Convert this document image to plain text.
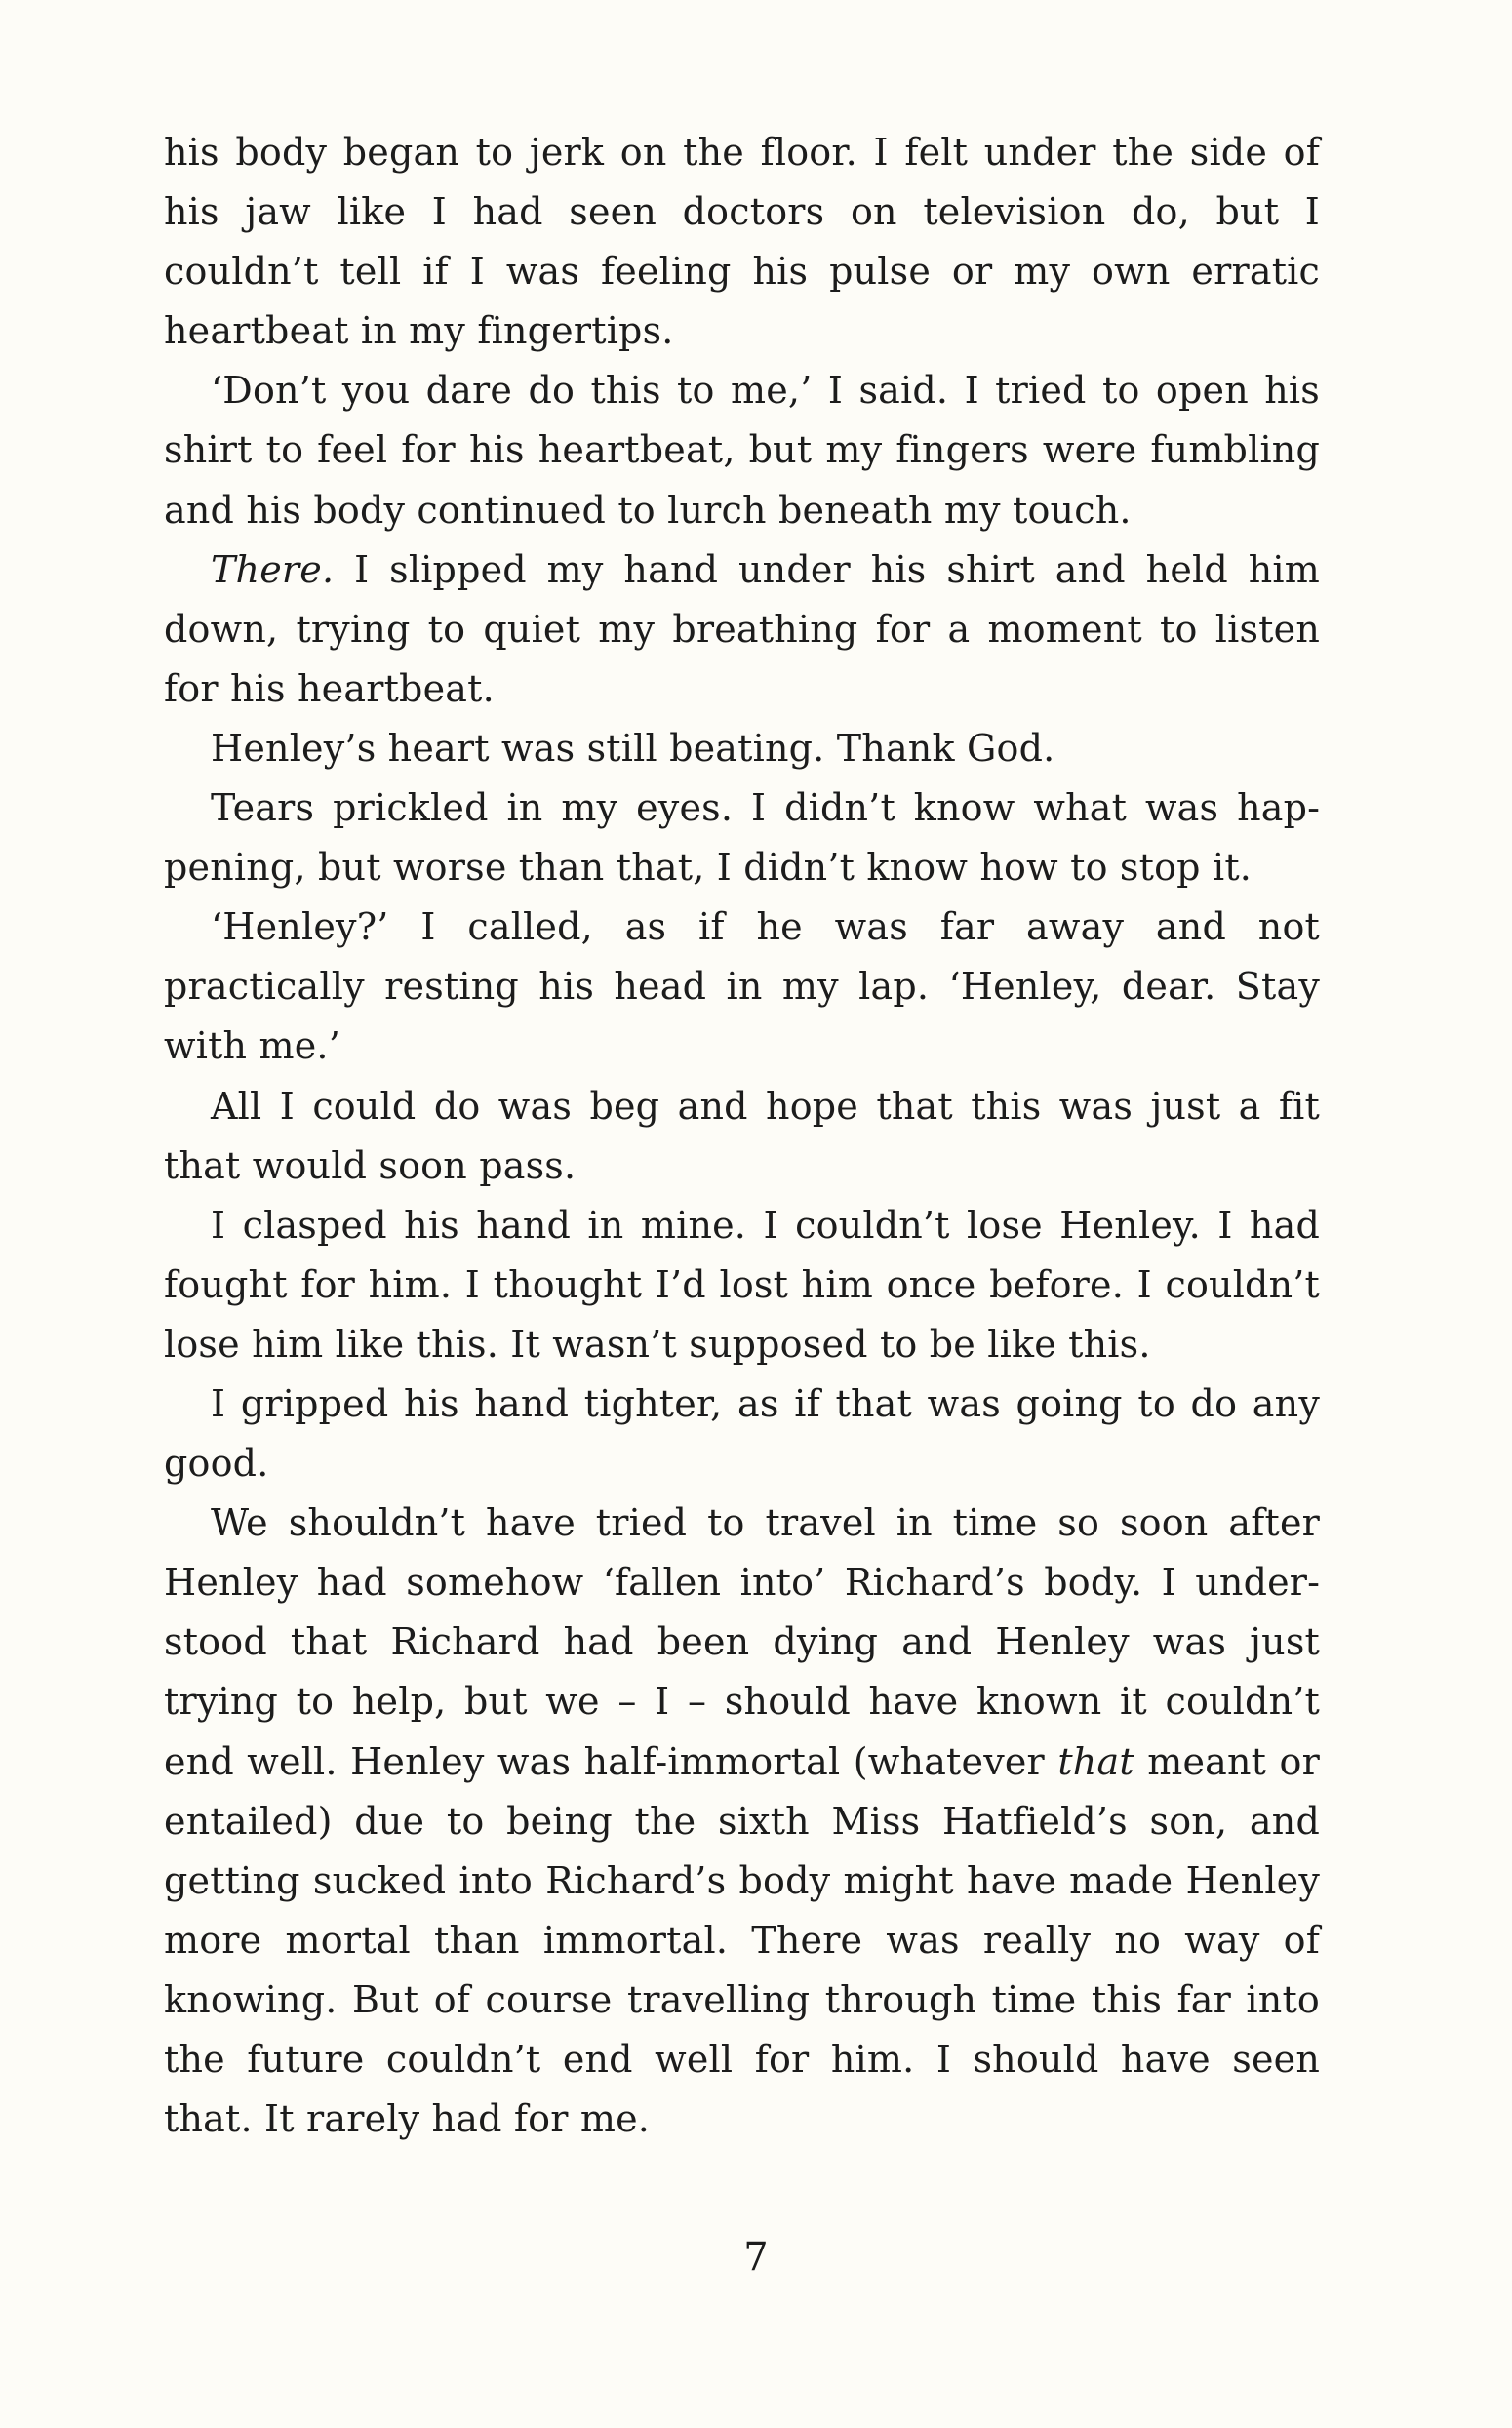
his body began to jerk on the floor. I felt under the side of his jaw like I had seen doctors on television do, but I couldn’t tell if I was feeling his pulse or my own erratic heartbeat in my fingertips.

‘Don’t you dare do this to me,’ I said. I tried to open his shirt to feel for his heartbeat, but my fingers were fumbling and his body continued to lurch beneath my touch.

There. I slipped my hand under his shirt and held him down, trying to quiet my breathing for a moment to listen for his heartbeat.

Henley’s heart was still beating. Thank God.

Tears prickled in my eyes. I didn’t know what was happening, but worse than that, I didn’t know how to stop it.

‘Henley?’ I called, as if he was far away and not practically resting his head in my lap. ‘Henley, dear. Stay with me.’

All I could do was beg and hope that this was just a fit that would soon pass.

I clasped his hand in mine. I couldn’t lose Henley. I had fought for him. I thought I’d lost him once before. I couldn’t lose him like this. It wasn’t supposed to be like this.

I gripped his hand tighter, as if that was going to do any good.

We shouldn’t have tried to travel in time so soon after Henley had somehow ‘fallen into’ Richard’s body. I understood that Richard had been dying and Henley was just trying to help, but we – I – should have known it couldn’t end well. Henley was half-immortal (whatever that meant or entailed) due to being the sixth Miss Hatfield’s son, and getting sucked into Richard’s body might have made Henley more mortal than immortal. There was really no way of knowing. But of course travelling through time this far into the future couldn’t end well for him. I should have seen that. It rarely had for me.

7
